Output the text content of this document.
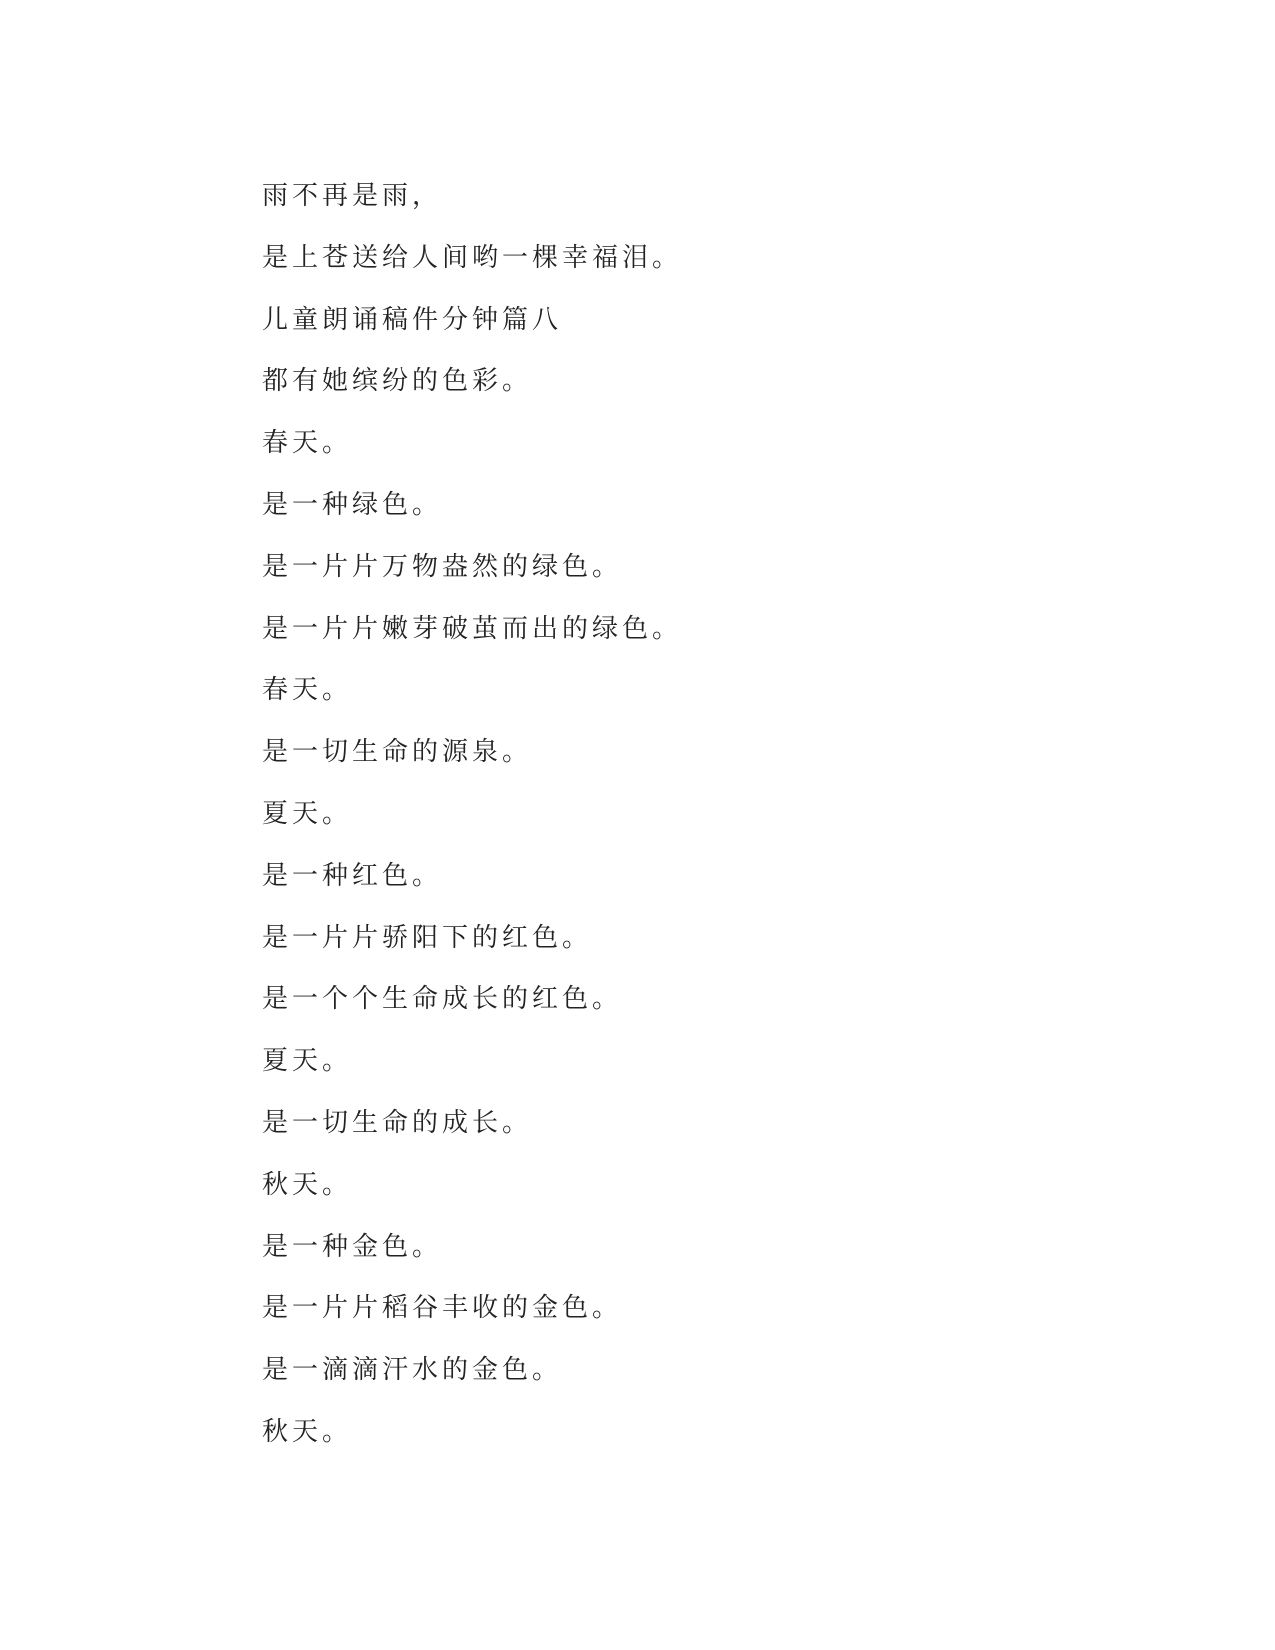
雨不再是雨，
是上苍送给人间哟一棵幸福泪。
儿童朗诵稿件分钟篇八
都有她缤纷的色彩。
春天。
是一种绿色。
是一片片万物盎然的绿色。
是一片片嫩芽破茧而出的绿色。
春天。
是一切生命的源泉。
夏天。
是一种红色。
是一片片骄阳下的红色。
是一个个生命成长的红色。
夏天。
是一切生命的成长。
秋天。
是一种金色。
是一片片稻谷丰收的金色。
是一滴滴汗水的金色。
秋天。
